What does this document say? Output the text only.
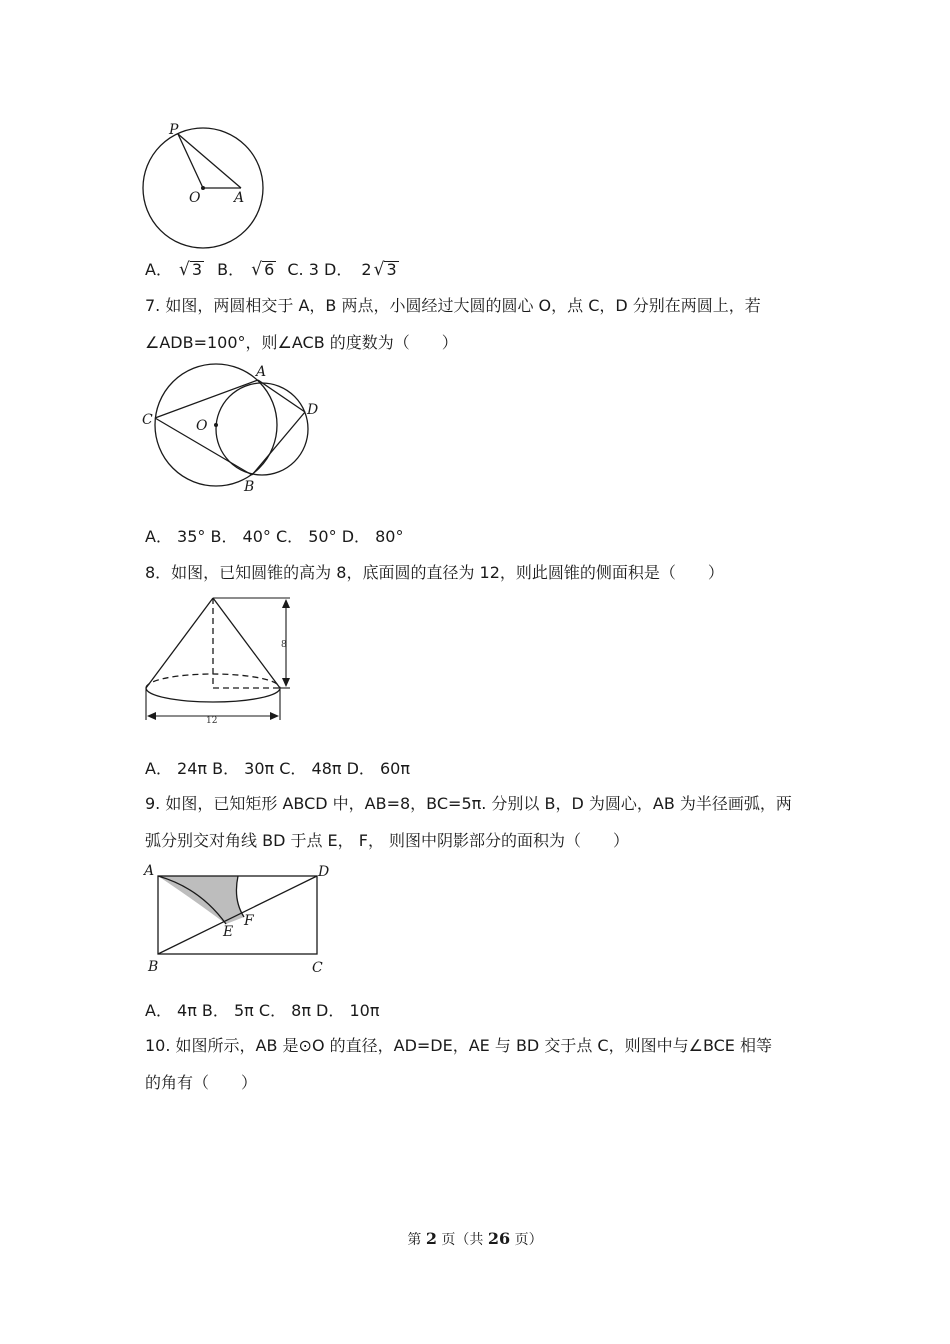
P
O A
A． √ 3 B． √ 6 C. 3 D． 2 √ 3
7. 如图，两圆相交于 A，B 两点，小圆经过大圆的圆心 O，点 C，D 分别在两圆上，若
∠ADB=100°，则∠ACB 的度数为（　　）
A
B
C
D
O
A． 35° B． 40° C． 50° D． 80°
8．如图，已知圆锥的高为 8，底面圆的直径为 12，则此圆锥的侧面积是（　　）
8
12
A． 24π B． 30π C． 48π D． 60π
9. 如图，已知矩形 ABCD 中，AB=8，BC=5π. 分别以 B，D 为圆心，AB 为半径画弧，两
弧分别交对角线 BD 于点 E， F， 则图中阴影部分的面积为（　　）
A
B	C
D
E
F
A． 4π B． 5π C． 8π D． 10π
10. 如图所示，AB 是⊙O 的直径，AD=DE，AE 与 BD 交于点 C，则图中与∠BCE 相等
的角有（　　）
第 2 页（共 26 页）
